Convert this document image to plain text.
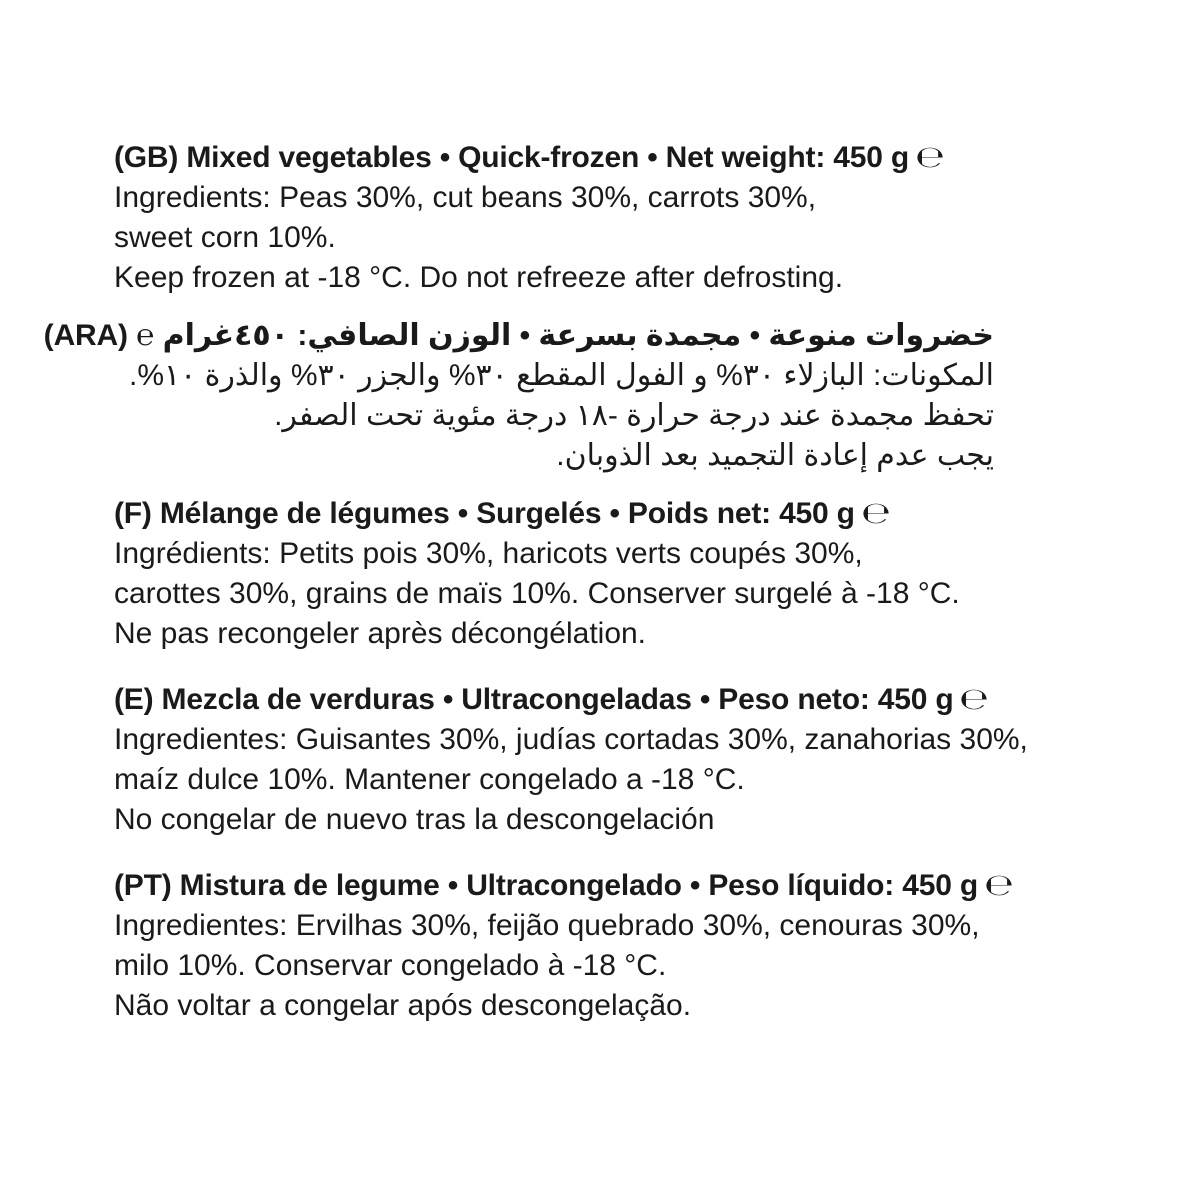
(GB) Mixed vegetables • Quick-frozen • Net weight: 450 g ℮
Ingredients: Peas 30%, cut beans 30%, carrots 30%,
sweet corn 10%.
Keep frozen at -18 °C. Do not refreeze after defrosting.
خضروات منوعة • مجمدة بسرعة • الوزن الصافي: ٤٥٠غرام ℮ (ARA)
المكونات: البازلاء ٣٠% و الفول المقطع ٣٠% والجزر ٣٠% والذرة ١٠%.
تحفظ مجمدة عند درجة حرارة -١٨ درجة مئوية تحت الصفر.
يجب عدم إعادة التجميد بعد الذوبان.
(F) Mélange de légumes • Surgelés • Poids net: 450 g ℮
Ingrédients: Petits pois 30%, haricots verts coupés 30%,
carottes 30%, grains de maïs 10%. Conserver surgelé à -18 °C.
Ne pas recongeler après décongélation.
(E) Mezcla de verduras • Ultracongeladas • Peso neto: 450 g ℮
Ingredientes: Guisantes 30%, judías cortadas 30%, zanahorias 30%,
maíz dulce 10%. Mantener congelado a -18 °C.
No congelar de nuevo tras la descongelación
(PT) Mistura de legume • Ultracongelado • Peso líquido: 450 g ℮
Ingredientes: Ervilhas 30%, feijão quebrado 30%, cenouras 30%,
milo 10%. Conservar congelado à -18 °C.
Não voltar a congelar após descongelação.
